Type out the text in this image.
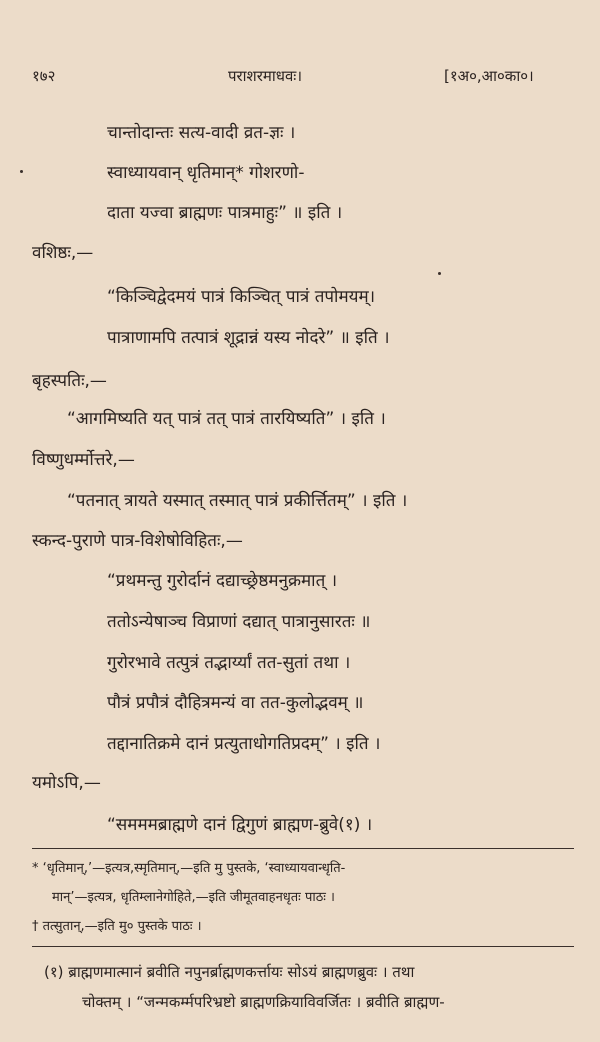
१७२	पराशरमाधवः।	[१अ०,आ०का०।
चान्तोदान्तः सत्य-वादी व्रत-ज्ञः ।
स्वाध्यायवान् धृतिमान्* गोशरणो-
दाता यज्वा ब्राह्मणः पात्रमाहुः” ॥ इति ।
वशिष्ठः,—
“किञ्चिद्वेदमयं पात्रं किञ्चित् पात्रं तपोमयम्।
पात्राणामपि तत्पात्रं शूद्रान्नं यस्य नोदरे” ॥ इति ।
बृहस्पतिः,—
“आगमिष्यति यत् पात्रं तत् पात्रं तारयिष्यति” । इति ।
विष्णुधर्म्मोत्तरे,—
“पतनात् त्रायते यस्मात् तस्मात् पात्रं प्रकीर्त्तितम्” । इति ।
स्कन्द-पुराणे पात्र-विशेषोविहितः,—
“प्रथमन्तु गुरोर्दानं दद्याच्छ्रेष्ठमनुक्रमात् ।
ततोऽन्येषाञ्च विप्राणां दद्यात् पात्रानुसारतः ॥
गुरोरभावे तत्पुत्रं तद्भार्य्यां तत-सुतां तथा ।
पौत्रं प्रपौत्रं दौहित्रमन्यं वा तत-कुलोद्भवम् ॥
तद्दानातिक्रमे दानं प्रत्युताधोगतिप्रदम्” । इति ।
यमोऽपि,—
“समममब्राह्मणे दानं द्विगुणं ब्राह्मण-ब्रुवे(१) ।
* ‘धृतिमान्,’—इत्यत्र,स्मृतिमान्,—इति मु पुस्तके, ‘स्वाध्यायवान्धृति-
मान्’—इत्यत्र, धृतिम्लानेगोहिते,—इति जीमूतवाहनधृतः पाठः ।
† तत्सुतान्,—इति मु० पुस्तके पाठः ।
(१) ब्राह्मणमात्मानं ब्रवीति नपुनर्ब्राह्मणकर्त्तायः सोऽयं ब्राह्मणब्रुवः । तथा
चोक्तम् । “जन्मकर्म्मपरिभ्रष्टो ब्राह्मणक्रियाविवर्जितः । ब्रवीति ब्राह्मण-
